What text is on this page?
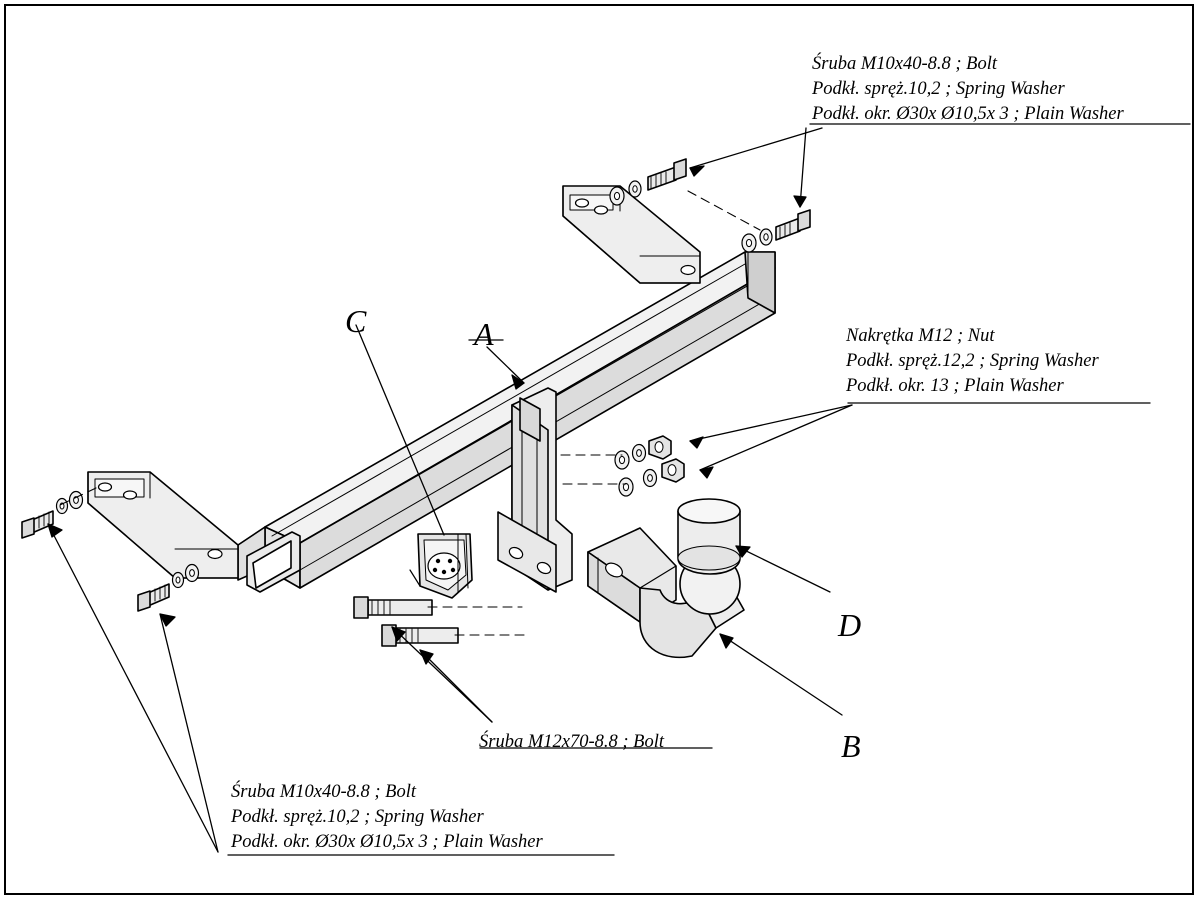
Śruba M10x40-8.8 ; Bolt
Podkł. spręż.10,2 ; Spring Washer
Podkł. okr. Ø30x Ø10,5x 3 ; Plain Washer
Nakrętka M12 ; Nut
Podkł. spręż.12,2 ; Spring Washer
Podkł. okr. 13 ; Plain Washer
Śruba M12x70-8.8 ; Bolt
Śruba M10x40-8.8 ; Bolt
Podkł. spręż.10,2 ; Spring Washer
Podkł. okr. Ø30x Ø10,5x 3 ; Plain Washer
C	A
D
B
